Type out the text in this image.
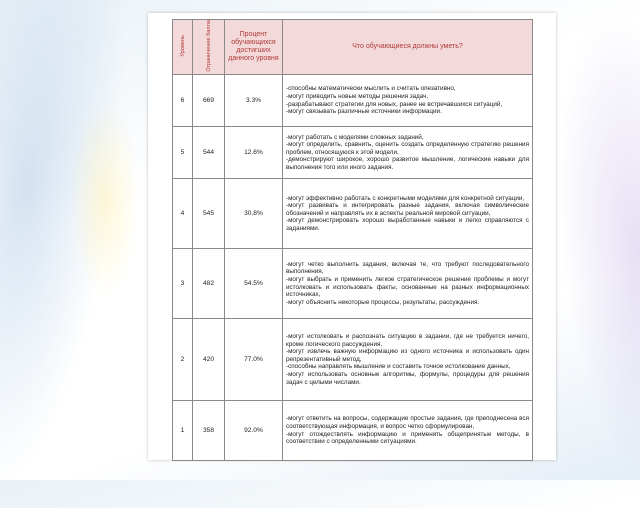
Уровень	Ограничение балла	Процент обучающихся достигших данного уровня	Что обучающиеся должны уметь?

6	669	3.3%	-способны математически мыслить и считать опезативно,
-могут приводить новые методы решения задач,
-разрабатывают стратегии для новых, ранее не встречавшихся ситуаций,
-могут связывать различные источники информации.

5	544	12.6%	-могут работать с моделями сложных заданий,
-могут определить, сравнить, оценить создать определенную стратегию решения проблем, относящуюся к этой модели,
-демонстрируют широкое, хорошо развитое мышление, логические навыки для выполнения того или иного задания.

4	545	30.8%	-могут эффективно работать с конкретными моделями для конкретной ситуации,
-могут развивать и интегрировать разные задания, включая символические обозначений и направлять их в аспекты реальной мировой ситуации,
-могут демонстрировать хорошо выработанные навыки и легко справляются с заданиями.

3	482	54.5%	-могут четко выполнить задания, включая те, что требуют последовательного выполнения,
-могут выбрать и применить легкое стратегическое решение проблемы и могут истолковать и использовать факты, основанные на разных информационных источниках,
-могут объяснить некоторые процессы, результаты, рассуждения.

2	420	77.0%	-могут истолковать и распознать ситуацию в задании, где не требуется ничего, кроме логического рассуждения,
-могут извлечь важную информацию из одного источника и использовать один репрезентативный метод,
-способны направлять мышление и составить точное истолкование данных,
-могут использовать основные алгоритмы, формулы, процедуры для решения задач с целыми числами.

1	358	92.0%	-могут ответить на вопросы, содержащие простые задания, где преподнесена вся соответствующая информация, и вопрос четко сформулирован,
-могут отождествлять информацию и применять общепринятые методы, в соответствии с определенными ситуациями.
